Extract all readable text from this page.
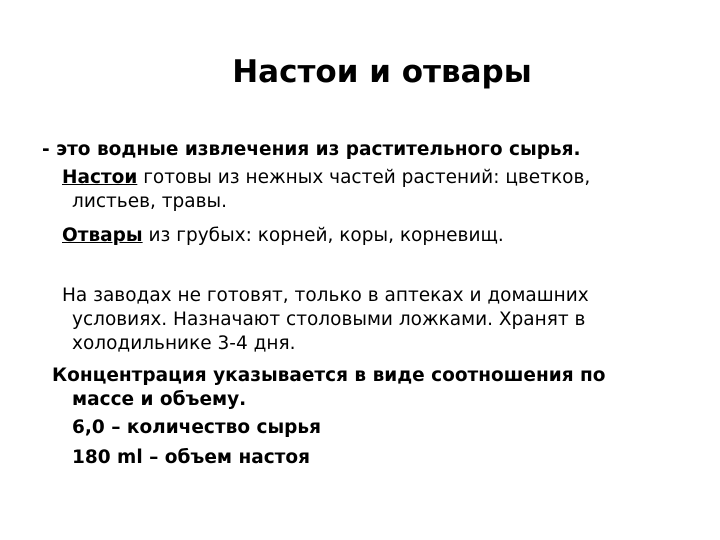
Настои и отвары

- это водные извлечения из растительного сырья.

Настои готовы из нежных частей растений: цветков,

листьев, травы.

Отвары из грубых: корней, коры, корневищ.

На заводах не готовят, только в аптеках и домашних

условиях. Назначают столовыми ложками. Хранят в

холодильнике 3-4 дня.

Концентрация указывается в виде соотношения по

массе и объему.

6,0 – количество сырья

180 ml – объем настоя
